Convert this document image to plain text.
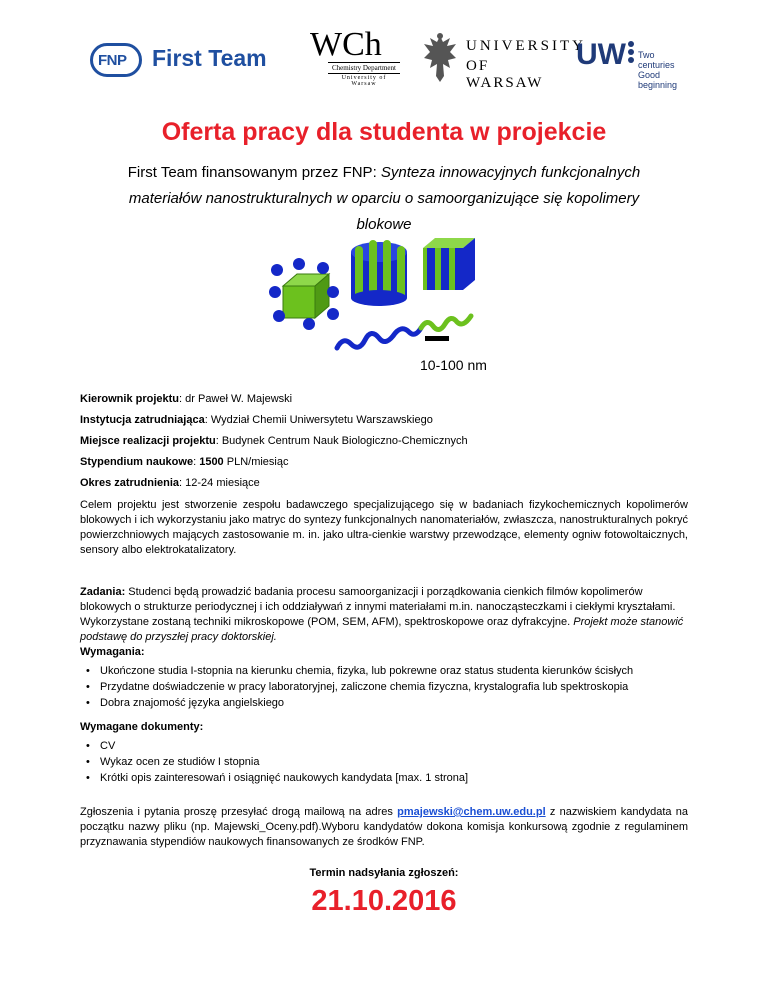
FNP First Team WCh
Chemistry Department
University of Warsaw
UNIVERSITY
OF WARSAW
UW Two centuries
Good beginning
Oferta pracy dla studenta w projekcie
First Team finansowanym przez FNP: Synteza innowacyjnych funkcjonalnych materiałów nanostrukturalnych w oparciu o samoorganizujące się kopolimery blokowe
10-100 nm
Kierownik projektu: dr Paweł W. Majewski
Instytucja zatrudniająca: Wydział Chemii Uniwersytetu Warszawskiego
Miejsce realizacji projektu: Budynek Centrum Nauk Biologiczno-Chemicznych
Stypendium naukowe: 1500 PLN/miesiąc
Okres zatrudnienia: 12-24 miesiące
Celem projektu jest stworzenie zespołu badawczego specjalizującego się w badaniach fizykochemicznych kopolimerów blokowych i ich wykorzystaniu jako matryc do syntezy funkcjonalnych nanomateriałów, zwłaszcza, nanostrukturalnych pokryć powierzchniowych mających zastosowanie m. in. jako ultra-cienkie warstwy przewodzące, elementy ogniw fotowoltaicznych, sensory albo elektrokatalizatory.
Zadania: Studenci będą prowadzić badania procesu samoorganizacji i porządkowania cienkich filmów kopolimerów blokowych o strukturze periodycznej i ich oddziaływań z innymi materiałami m.in. nanocząsteczkami i ciekłymi kryształami. Wykorzystane zostaną techniki mikroskopowe (POM, SEM, AFM), spektroskopowe oraz dyfrakcyjne. Projekt może stanowić podstawę do przyszłej pracy doktorskiej.
Wymagania:
• Ukończone studia I-stopnia na kierunku chemia, fizyka, lub pokrewne oraz status studenta kierunków ścisłych
• Przydatne doświadczenie w pracy laboratoryjnej, zaliczone chemia fizyczna, krystalografia lub spektroskopia
• Dobra znajomość języka angielskiego
Wymagane dokumenty:
• CV
• Wykaz ocen ze studiów I stopnia
• Krótki opis zainteresowań i osiągnięć naukowych kandydata [max. 1 strona]
Zgłoszenia i pytania proszę przesyłać drogą mailową na adres pmajewski@chem.uw.edu.pl z nazwiskiem kandydata na początku nazwy pliku (np. Majewski_Oceny.pdf).Wyboru kandydatów dokona komisja konkursową zgodnie z regulaminem przyznawania stypendiów naukowych finansowanych ze środków FNP.
Termin nadsyłania zgłoszeń:
21.10.2016
